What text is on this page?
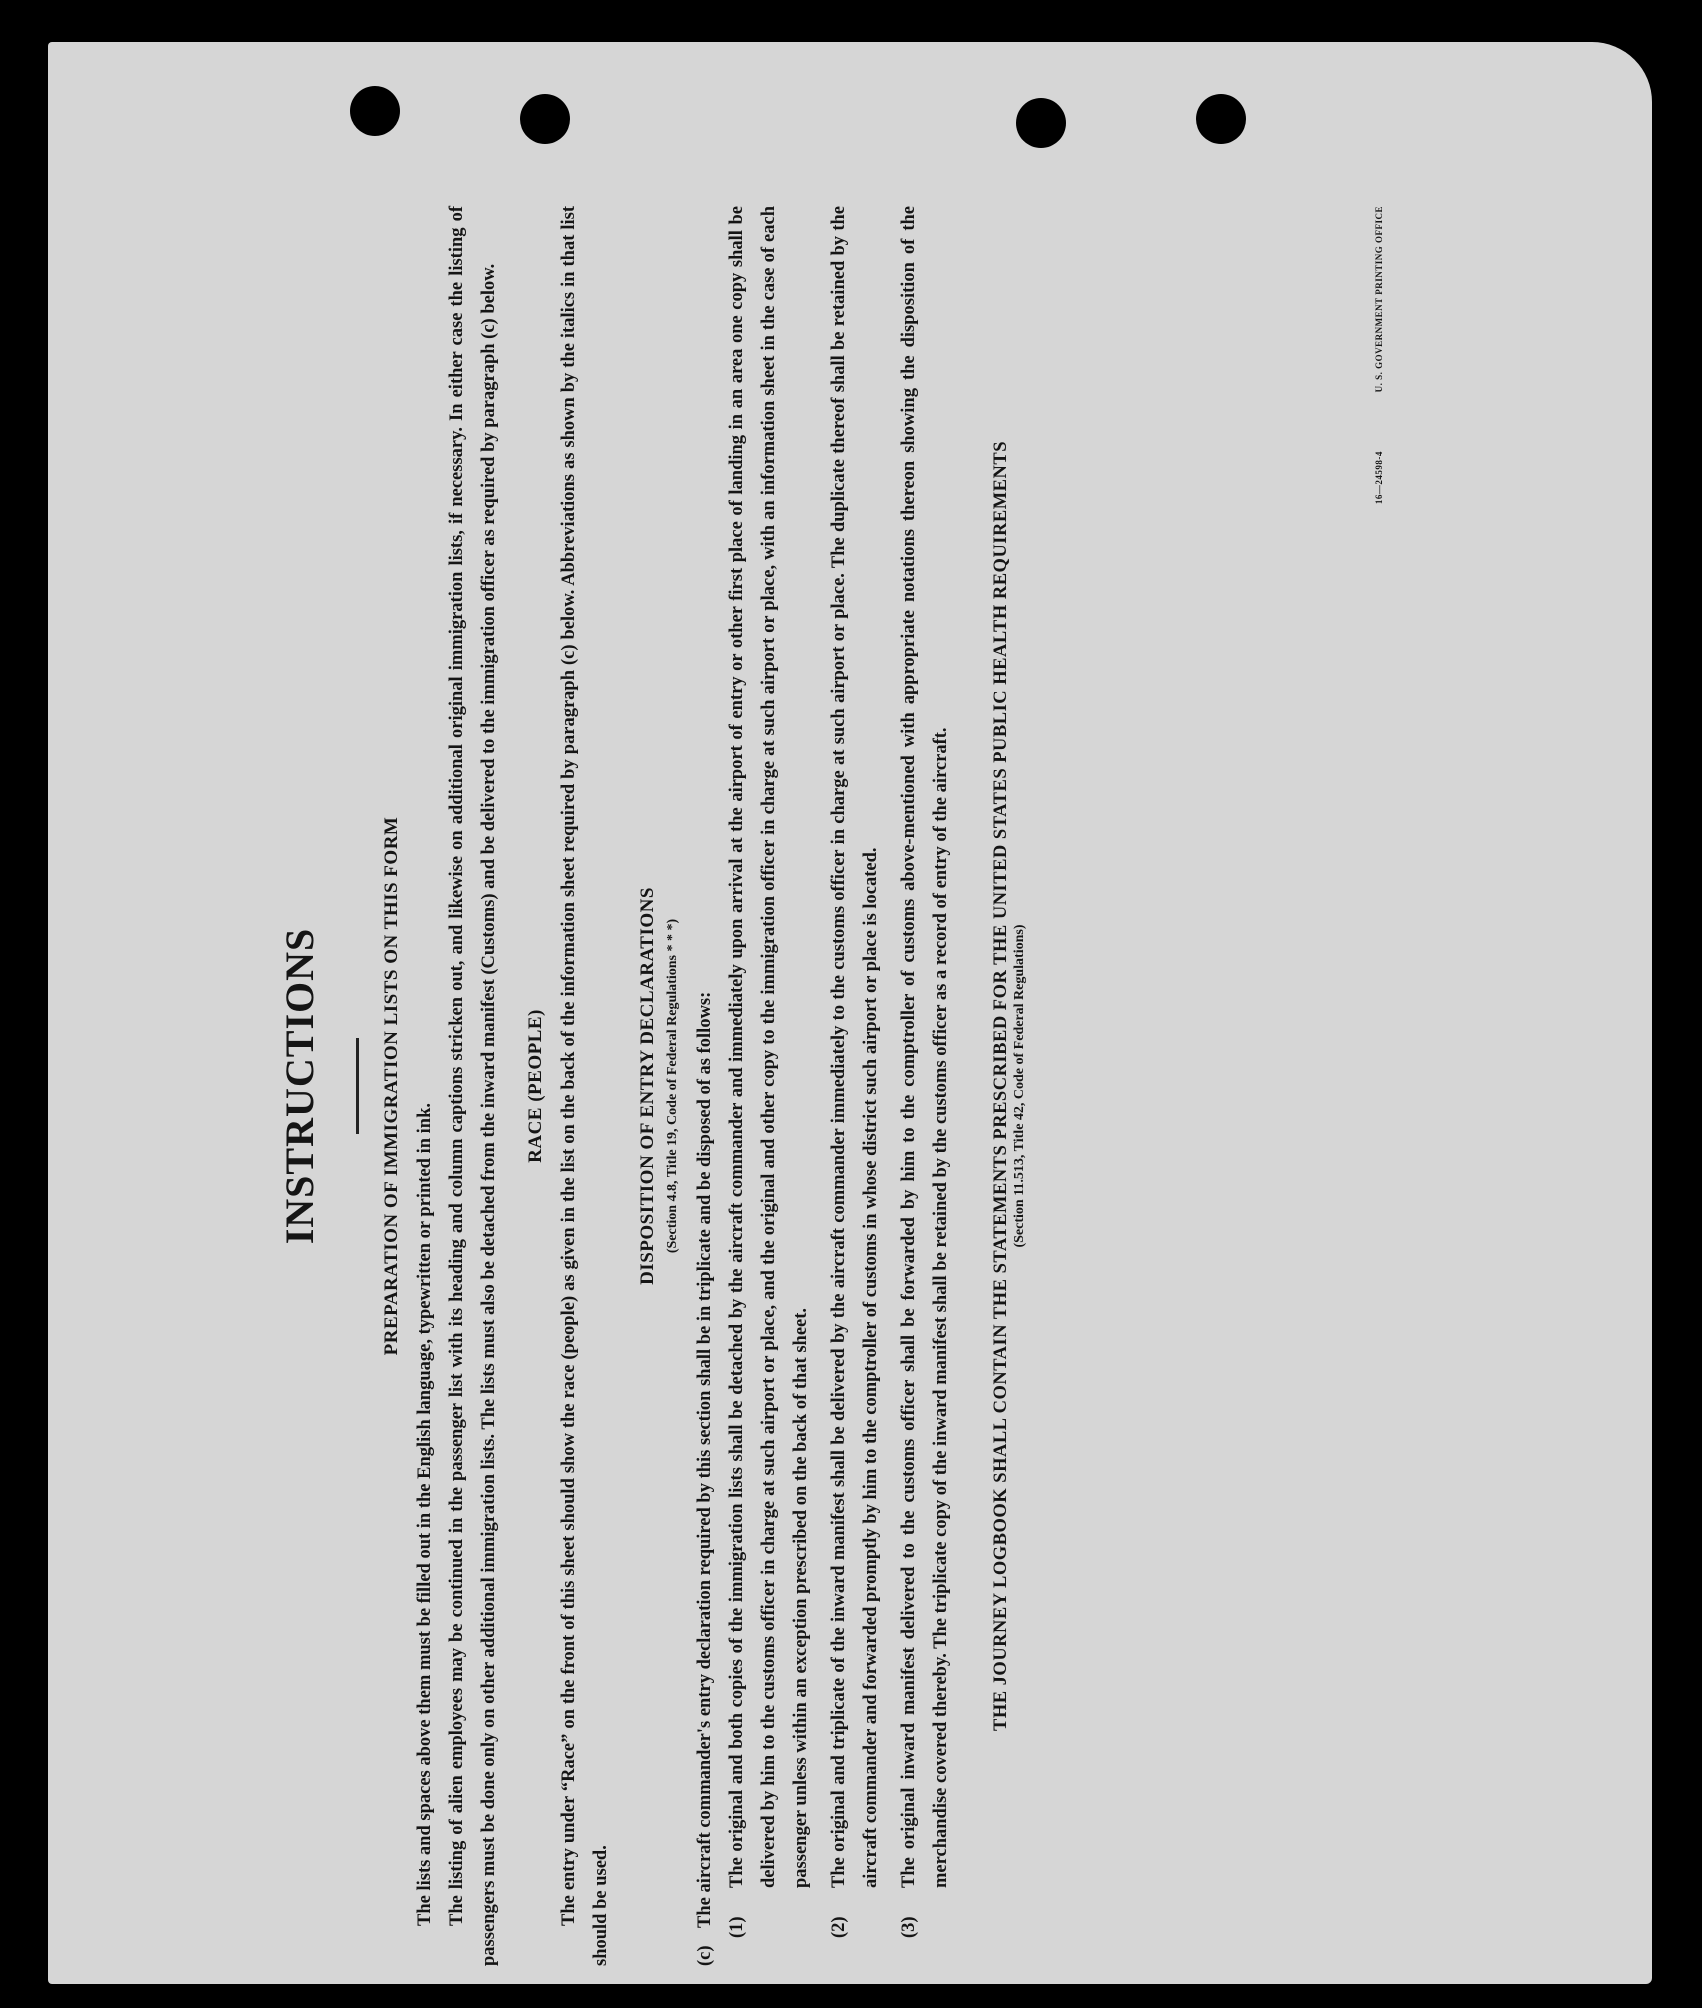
INSTRUCTIONS	PREPARATION OF IMMIGRATION LISTS ON THIS FORM

The lists and spaces above them must be filled out in the English language, typewritten or printed in ink. The listing of alien employees may be continued in the passenger list with its heading and column captions stricken out, and likewise on additional original immigration lists, if necessary. In either case the listing of passengers must be done only on other additional immigration lists. The lists must also be detached from the inward manifest (Customs) and be delivered to the immigration officer as required by paragraph (c) below.	RACE (PEOPLE) The entry under “Race” on the front of this sheet should show the race (people) as given in the list on the back of the information sheet required by paragraph (c) below. Abbreviations as shown by the italics in that list should be used.

DISPOSITION OF ENTRY DECLARATIONS (Section 4.8, Title 19, Code of Federal Regulations * * *)
(c)

The aircraft commander's entry declaration required by this section shall be in triplicate and be disposed of as follows: (1)
The original and both copies of the immigration lists shall be detached by the aircraft commander and immediately upon arrival at the airport of entry or other first place of landing in an area one copy shall be delivered by him to the customs officer in charge at such airport or place, and the original and other copy to the immigration officer in charge at such airport or place, with an information sheet in the case of each passenger unless within an exception prescribed on the back of that sheet.
(2)
The original and triplicate of the inward manifest shall be delivered by the aircraft commander immediately to the customs officer in charge at such airport or place. The duplicate thereof shall be retained by the aircraft commander and forwarded promptly by him to the comptroller of customs in whose district such airport or place is located.
(3)
The original inward manifest delivered to the customs officer shall be forwarded by him to the comptroller of customs above-mentioned with appropriate notations thereon showing the disposition of the merchandise covered thereby. The triplicate copy of the inward manifest shall be retained by the customs officer as a record of entry of the aircraft.	THE JOURNEY LOGBOOK SHALL CONTAIN THE STATEMENTS PRESCRIBED FOR THE UNITED STATES PUBLIC HEALTH REQUIREMENTS (Section 11.513, Title 42, Code of Federal Regulations)
16—24598-4 U. S. GOVERNMENT PRINTING OFFICE
